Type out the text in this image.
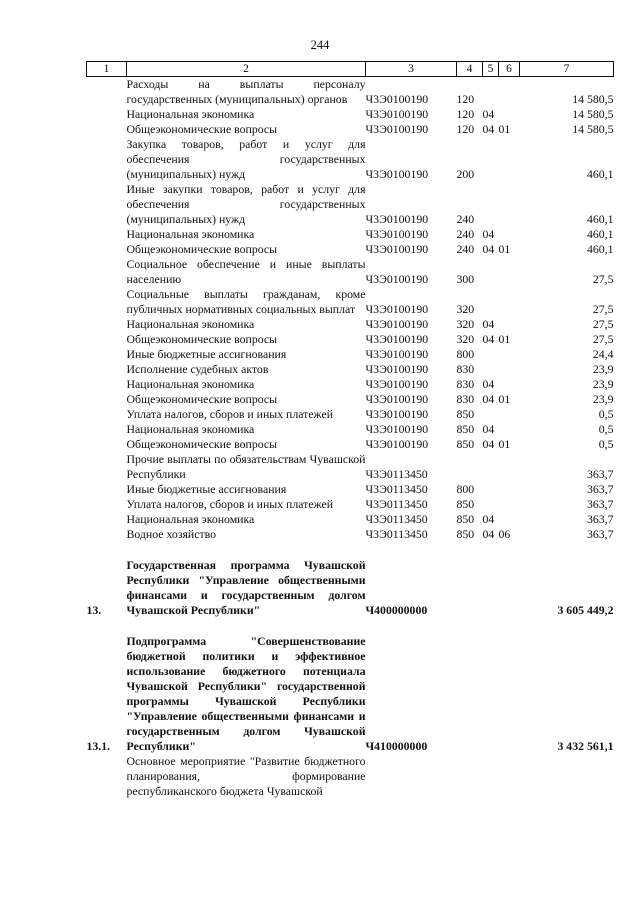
244
1	2	3	4	5	6	7
	Расходы на выплаты персоналу государственных (муниципальных) органов	Ч3Э0100190	120			14 580,5
	Национальная экономика	Ч3Э0100190	120	04		14 580,5
	Общеэкономические вопросы	Ч3Э0100190	120	04	01	14 580,5
	Закупка товаров, работ и услуг для обеспечения государственных (муниципальных) нужд	Ч3Э0100190	200			460,1
	Иные закупки товаров, работ и услуг для обеспечения государственных (муниципальных) нужд	Ч3Э0100190	240			460,1
	Национальная экономика	Ч3Э0100190	240	04		460,1
	Общеэкономические вопросы	Ч3Э0100190	240	04	01	460,1
	Социальное обеспечение и иные выплаты населению	Ч3Э0100190	300			27,5
	Социальные выплаты гражданам, кроме публичных нормативных социальных выплат	Ч3Э0100190	320			27,5
	Национальная экономика	Ч3Э0100190	320	04		27,5
	Общеэкономические вопросы	Ч3Э0100190	320	04	01	27,5
	Иные бюджетные ассигнования	Ч3Э0100190	800			24,4
	Исполнение судебных актов	Ч3Э0100190	830			23,9
	Национальная экономика	Ч3Э0100190	830	04		23,9
	Общеэкономические вопросы	Ч3Э0100190	830	04	01	23,9
	Уплата налогов, сборов и иных платежей	Ч3Э0100190	850			0,5
	Национальная экономика	Ч3Э0100190	850	04		0,5
	Общеэкономические вопросы	Ч3Э0100190	850	04	01	0,5
	Прочие выплаты по обязательствам Чувашской Республики	Ч3Э0113450				363,7
	Иные бюджетные ассигнования	Ч3Э0113450	800			363,7
	Уплата налогов, сборов и иных платежей	Ч3Э0113450	850			363,7
	Национальная экономика	Ч3Э0113450	850	04		363,7
	Водное хозяйство	Ч3Э0113450	850	04	06	363,7

13.	Государственная программа Чувашской Республики "Управление общественными финансами и государственным долгом Чувашской Республики"	Ч400000000				3 605 449,2

13.1.	Подпрограмма "Совершенствование бюджетной политики и эффективное использование бюджетного потенциала Чувашской Республики" государственной программы Чувашской Республики "Управление общественными финансами и государственным долгом Чувашской Республики"	Ч410000000				3 432 561,1
	Основное мероприятие "Развитие бюджетного планирования, формирование республиканского бюджета Чувашской					
